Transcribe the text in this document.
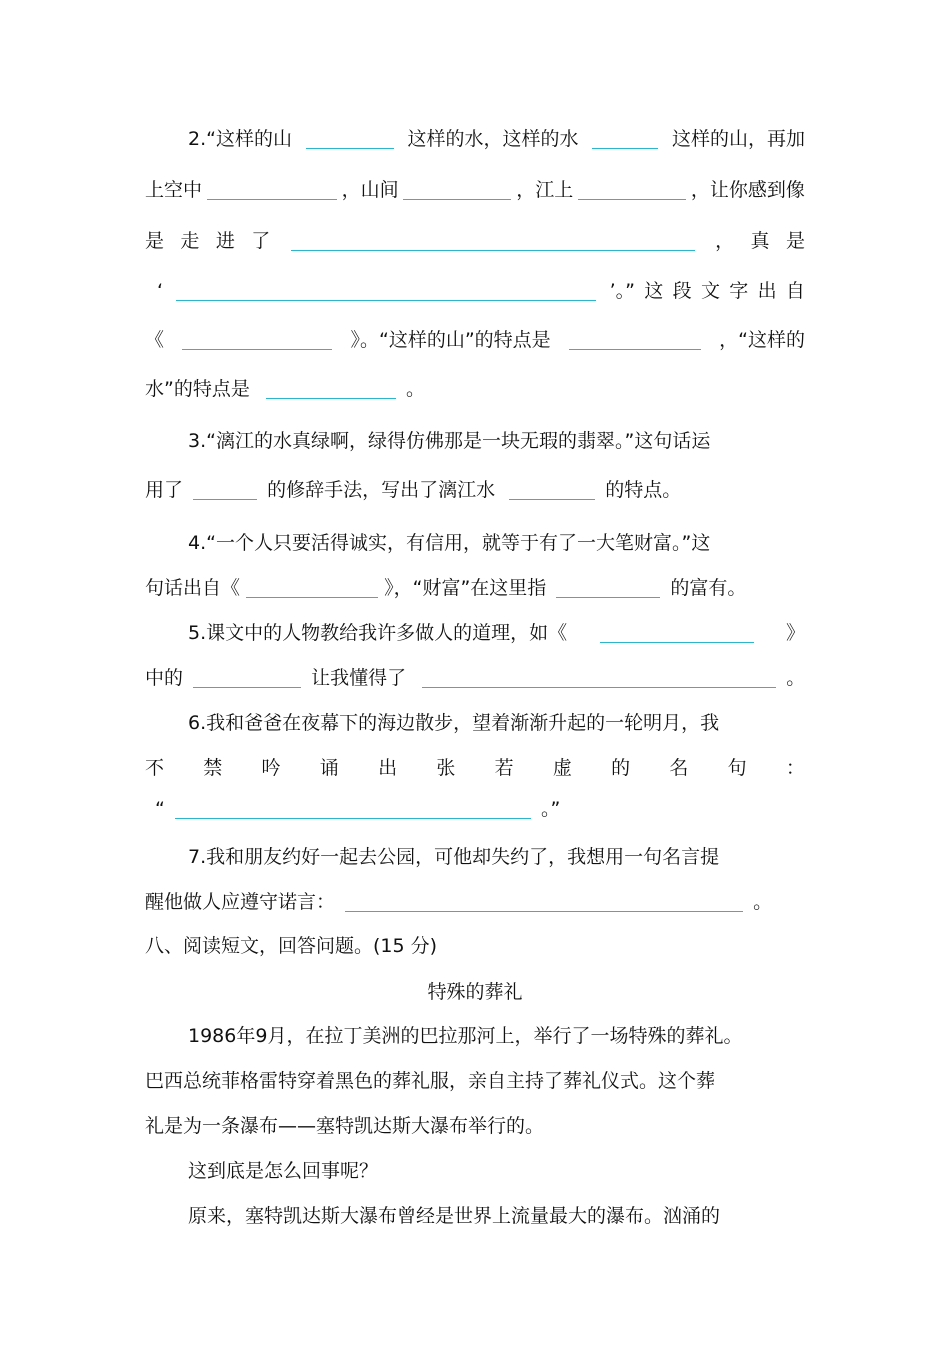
2.“这样的山	这样的水，这样的水	这样的山，再加
上空中	，山间	，江上	，让你感到像
是 走 进 了	， 真 是
‘	’。” 这 段 文 字 出 自
《	》。“这样的山”的特点是	，“这样的
水”的特点是	。
3.“漓江的水真绿啊，绿得仿佛那是一块无瑕的翡翠。”这句话运
用了	的修辞手法，写出了漓江水	的特点。
4.“一个人只要活得诚实，有信用，就等于有了一大笔财富。”这
句话出自《	》，“财富”在这里指	的富有。
5.课文中的人物教给我许多做人的道理，如《	》
中的	让我懂得了	。
6.我和爸爸在夜幕下的海边散步，望着渐渐升起的一轮明月，我
不 禁 吟 诵 出 张 若 虚 的 名 句 ：
“	。”
7.我和朋友约好一起去公园，可他却失约了，我想用一句名言提
醒他做人应遵守诺言：	。
八、阅读短文，回答问题。(15 分)
特殊的葬礼
1986年9月，在拉丁美洲的巴拉那河上，举行了一场特殊的葬礼。
巴西总统菲格雷特穿着黑色的葬礼服，亲自主持了葬礼仪式。这个葬
礼是为一条瀑布——塞特凯达斯大瀑布举行的。
这到底是怎么回事呢？
原来，塞特凯达斯大瀑布曾经是世界上流量最大的瀑布。汹涌的
